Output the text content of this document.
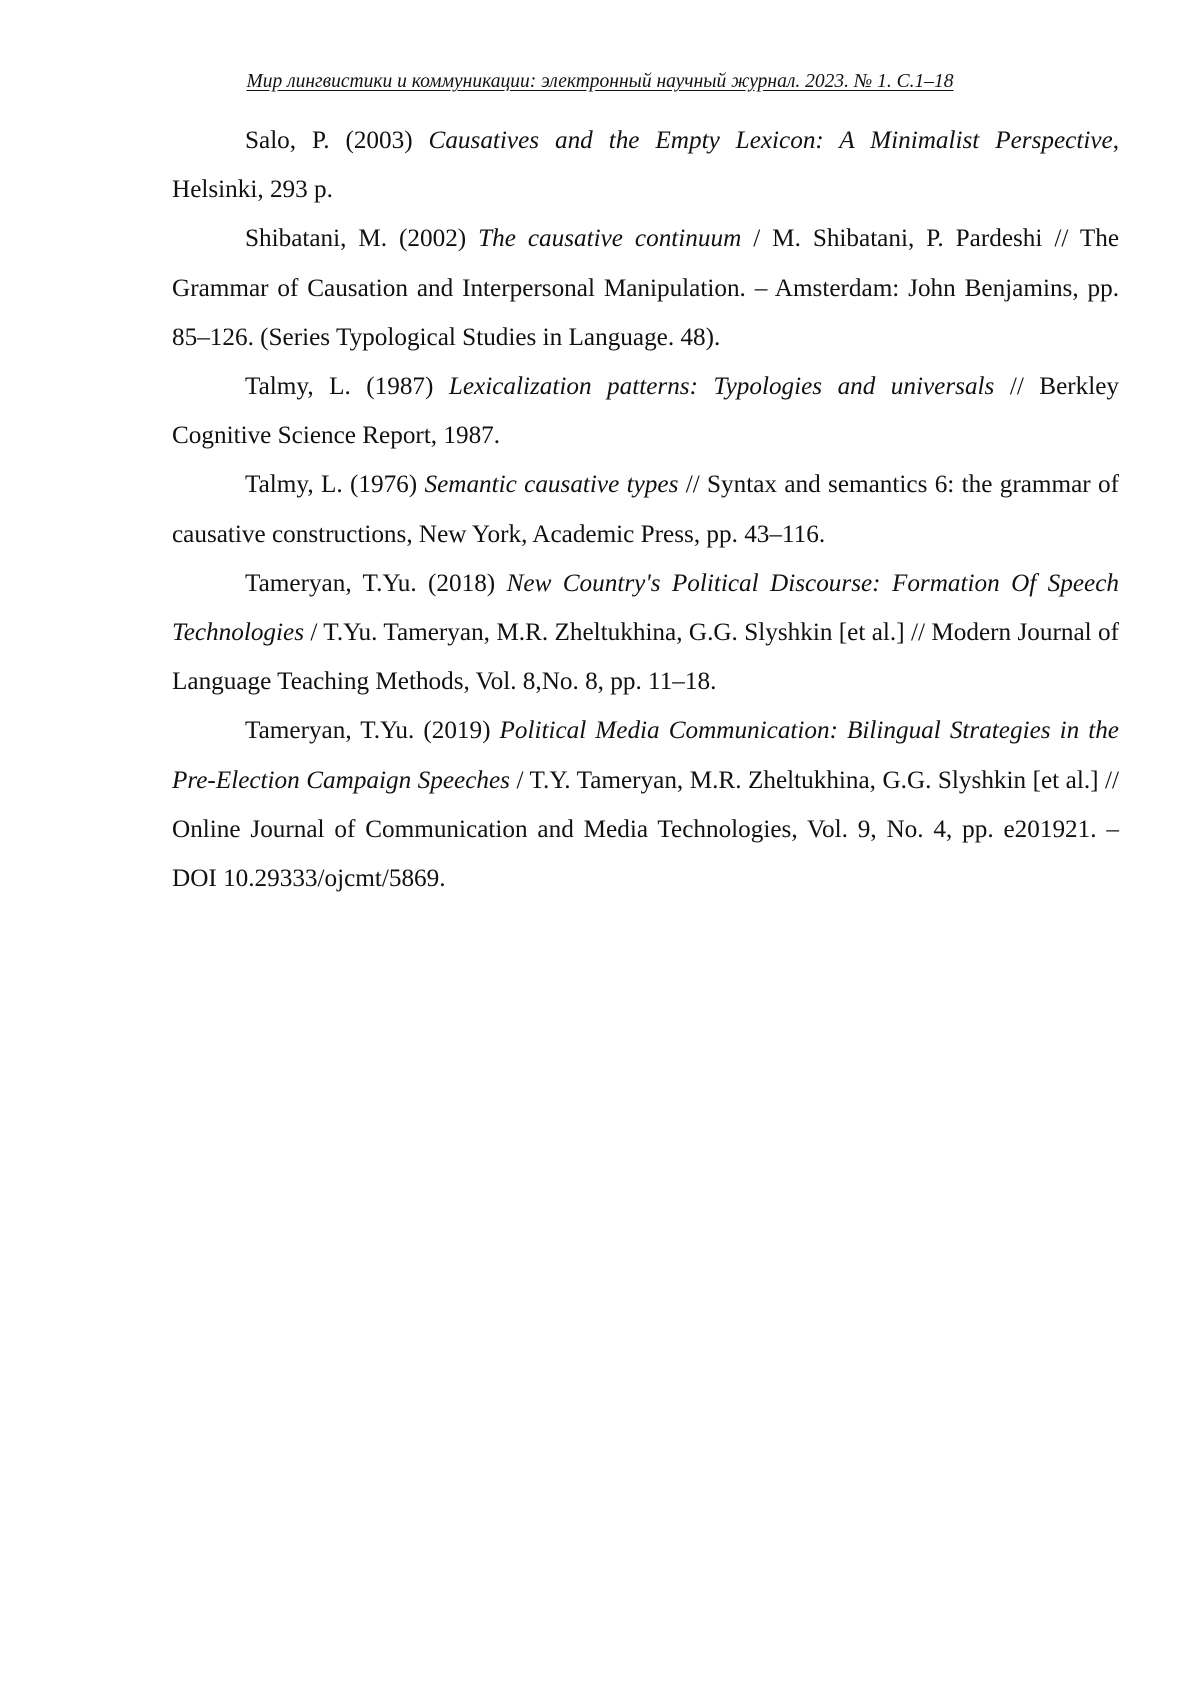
Мир лингвистики и коммуникации: электронный научный журнал. 2023. № 1. С.1–18

Salo, P. (2003) Causatives and the Empty Lexicon: A Minimalist Perspective, Helsinki, 293 p.

Shibatani, M. (2002) The causative continuum / M. Shibatani, P. Pardeshi // The Grammar of Causation and Interpersonal Manipulation. – Amsterdam: John Benjamins, pp. 85–126. (Series Typological Studies in Language. 48).

Talmy, L. (1987) Lexicalization patterns: Typologies and universals // Berkley Cognitive Science Report, 1987.

Talmy, L. (1976) Semantic causative types // Syntax and semantics 6: the grammar of causative constructions, New York, Academic Press, pp. 43–116.

Tameryan, T.Yu. (2018) New Country's Political Discourse: Formation Of Speech Technologies / T.Yu. Tameryan, M.R. Zheltukhina, G.G. Slyshkin [et al.] // Modern Journal of Language Teaching Methods, Vol. 8,No. 8, pp. 11–18.

Tameryan, T.Yu. (2019) Political Media Communication: Bilingual Strategies in the Pre-Election Campaign Speeches / T.Y. Tameryan, M.R. Zheltukhina, G.G. Slyshkin [et al.] // Online Journal of Communication and Media Technologies, Vol. 9, No. 4, pp. e201921. – DOI 10.29333/ojcmt/5869.
